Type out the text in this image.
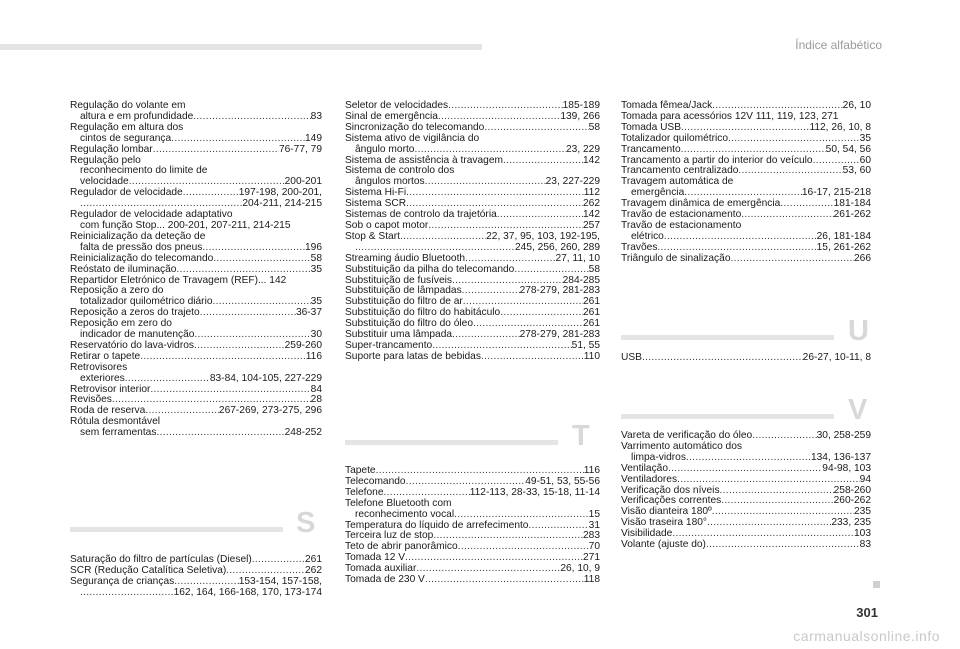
Índice alfabético
Regulação do volante em
altura e em profundidade .....	83
Regulação em altura dos
cintos de segurança .....	149
Regulação lombar .....	76-77, 79
Regulação pelo
reconhecimento do limite de
velocidade .....	200-201
Regulador de velocidade .....	197-198, 200-201,
.....
204-211, 214-215
Regulador de velocidade adaptativo
com função Stop... 200-201, 207-211, 214-215
Reinicialização da deteção de
falta de pressão dos pneus .....	196
Reinicialização do telecomando .....	58
Reóstato de iluminação .....	35
Repartidor Eletrónico de Travagem (REF)... 142
Reposição a zero do
totalizador quilométrico diário .....	35
Reposição a zeros do trajeto .....	36-37
Reposição em zero do
indicador de manutenção .....	30
Reservatório do lava-vidros .....	259-260
Retirar o tapete .....	116
Retrovisores
exteriores .....	83-84, 104-105, 227-229
Retrovisor interior .....	84
Revisões .....	28
Roda de reserva .....	267-269, 273-275, 296
Rótula desmontável
sem ferramentas .....	248-252
S
Saturação do filtro de partículas (Diesel) .....	261
SCR (Redução Catalítica Seletiva) .....	262
Segurança de crianças .....	153-154, 157-158,
.....
162, 164, 166-168, 170, 173-174
Seletor de velocidades .....	185-189
Sinal de emergência .....	139, 266
Sincronização do telecomando .....	58
Sistema ativo de vigilância do
ângulo morto .....	23, 229
Sistema de assistência à travagem .....	142
Sistema de controlo dos
ângulos mortos .....	23, 227-229
Sistema Hi-Fi .....	112
Sistema SCR .....	262
Sistemas de controlo da trajetória .....	142
Sob o capot motor .....	257
Stop & Start .....	22, 37, 95, 103, 192-195,
.....
245, 256, 260, 289
Streaming áudio Bluetooth .....	27, 11, 10
Substituição da pilha do telecomando .....	58
Substituição de fusíveis .....	284-285
Substituição de lâmpadas .....	278-279, 281-283
Substituição do filtro de ar .....	261
Substituição do filtro do habitáculo .....	261
Substituição do filtro do óleo .....	261
Substituir uma lâmpada .....	278-279, 281-283
Super-trancamento .....	51, 55
Suporte para latas de bebidas .....	110
T
Tapete .....	116
Telecomando .....	49-51, 53, 55-56
Telefone .....	112-113, 28-33, 15-18, 11-14
Telefone Bluetooth com
reconhecimento vocal .....	15
Temperatura do líquido de arrefecimento .....	31
Terceira luz de stop .....	283
Teto de abrir panorâmico .....	70
Tomada 12 V .....	271
Tomada auxiliar .....	26, 10, 9
Tomada de 230 V .....	118
Tomada fêmea/Jack .....	26, 10
Tomada para acessórios 12V 111, 119, 123, 271
Tomada USB .....	112, 26, 10, 8
Totalizador quilométrico .....	35
Trancamento .....	50, 54, 56
Trancamento a partir do interior do veículo .....	60
Trancamento centralizado .....	53, 60
Travagem automática de
emergência .....	16-17, 215-218
Travagem dinâmica de emergência .....	181-184
Travão de estacionamento .....	261-262
Travão de estacionamento
elétrico .....	26, 181-184
Travões .....	15, 261-262
Triângulo de sinalização .....	266
U
USB .....	26-27, 10-11, 8
V
Vareta de verificação do óleo .....	30, 258-259
Varrimento automático dos
limpa-vidros .....	134, 136-137
Ventilação .....	94-98, 103
Ventiladores .....	94
Verificação dos níveis .....	258-260
Verificações correntes .....	260-262
Visão dianteira 180º .....	235
Visão traseira 180° .....	233, 235
Visibilidade .....	103
Volante (ajuste do) .....	83
301
carmanualsonline.info
